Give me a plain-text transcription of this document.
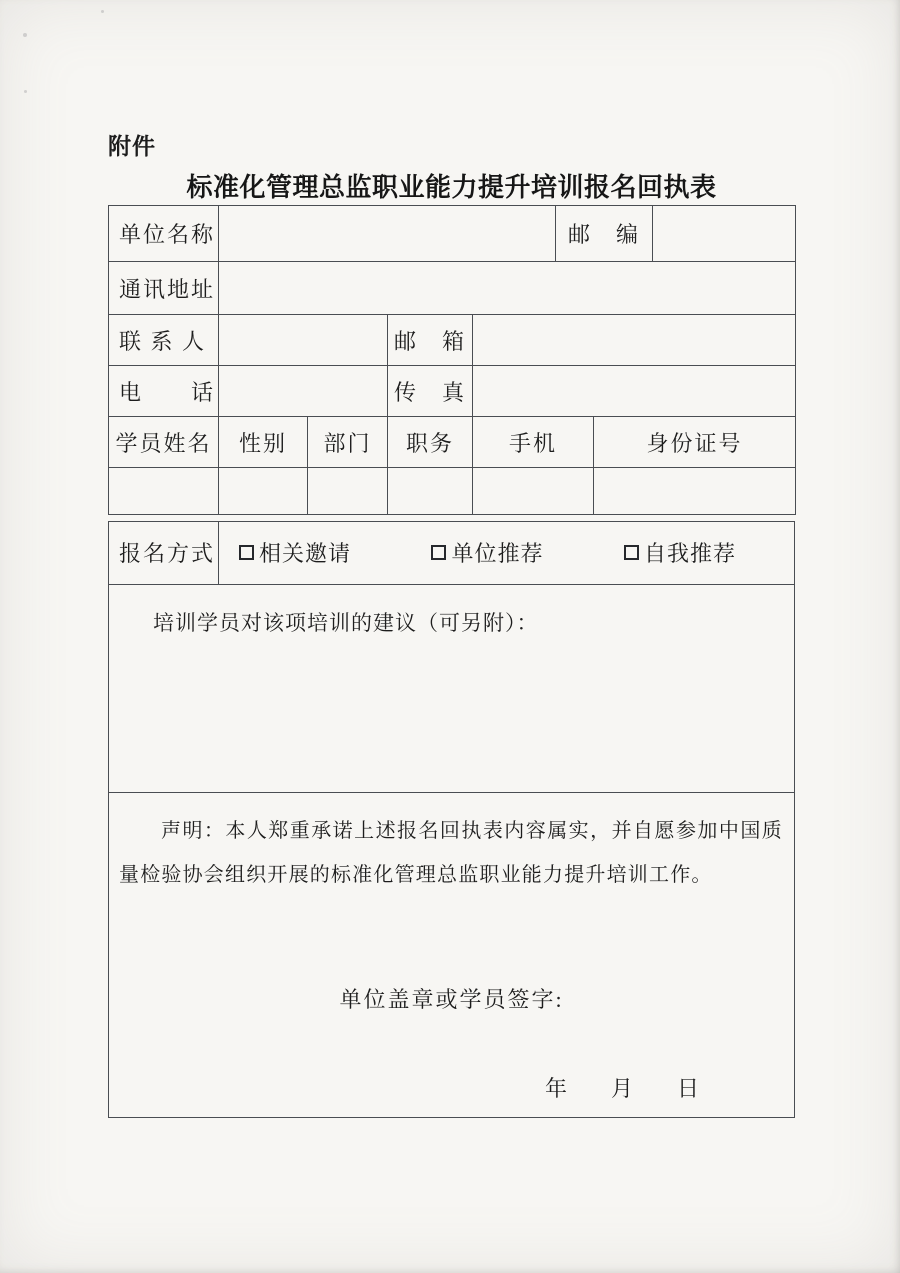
附件
标准化管理总监职业能力提升培训报名回执表
单位名称					邮　编		
通讯地址							
联 系 人			邮　箱				
电　　话			传　真				
学员姓名	性别	部门	职务	手机		身份证号	

报名方式 相关邀请	单位推荐	自我推荐

培训学员对该项培训的建议（可另附）：

声明：本人郑重承诺上述报名回执表内容属实，并自愿参加中国质量检验协会组织开展的标准化管理总监职业能力提升培训工作。

单位盖章或学员签字:

年　　月　　日
